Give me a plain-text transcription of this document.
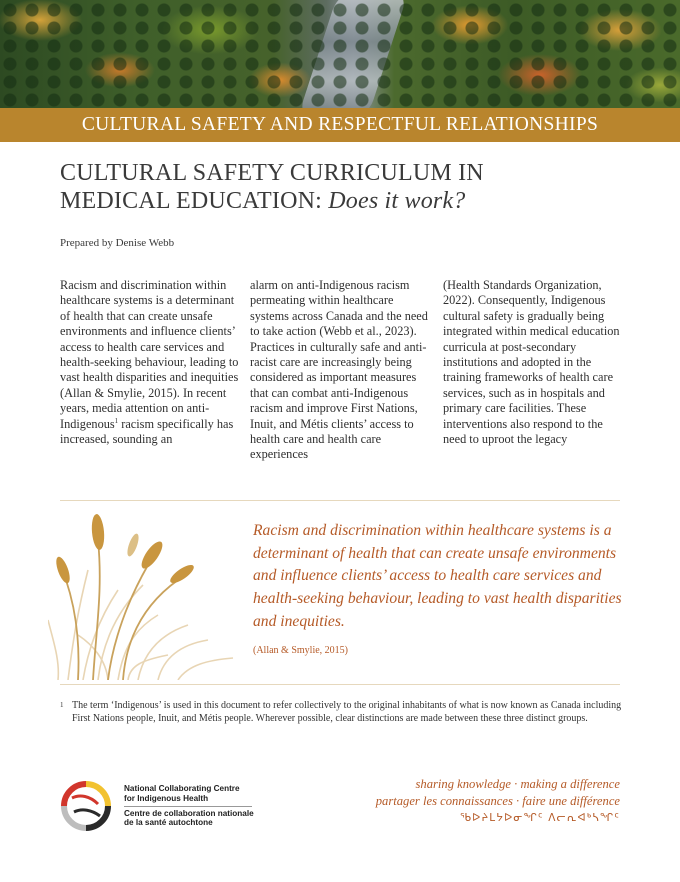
CULTURAL SAFETY AND RESPECTFUL RELATIONSHIPS
CULTURAL SAFETY CURRICULUM IN
MEDICAL EDUCATION: Does it work?
Prepared by Denise Webb

Racism and discrimination within healthcare systems is a determinant of health that can create unsafe environments and influence clients’ access to health care services and health-seeking behaviour, leading to vast health disparities and inequities (Allan & Smylie, 2015). In recent years, media attention on anti-Indigenous$^1$ racism specifically has increased, sounding an

alarm on anti-Indigenous racism permeating within healthcare systems across Canada and the need to take action (Webb et al., 2023). Practices in culturally safe and anti-racist care are increasingly being considered as important measures that can combat anti-Indigenous racism and improve First Nations, Inuit, and Métis clients’ access to health care and health care experiences

(Health Standards Organization, 2022). Consequently, Indigenous cultural safety is gradually being integrated within medical education curricula at post-secondary institutions and adopted in the training frameworks of health care services, such as in hospitals and primary care facilities. These interventions also respond to the need to uproot the legacy

Racism and discrimination within healthcare systems is a determinant of health that can create unsafe environments and influence clients’ access to health care services and health-seeking behaviour, leading to vast health disparities and inequities.
(Allan & Smylie, 2015)
1 The term ‘Indigenous’ is used in this document to refer collectively to the original inhabitants of what is now known as Canada including First Nations people, Inuit, and Métis people. Wherever possible, clear distinctions are made between these three distinct groups.
National Collaborating Centre
for Indigenous Health
Centre de collaboration nationale
de la santé autochtone
sharing knowledge · making a difference
partager les connaissances · faire une différence
ᖃᐅᔨᒪᔭᐅᓂᖏᑦ ᐱᓕᕆᐊᒃᓴᖏᑦ
